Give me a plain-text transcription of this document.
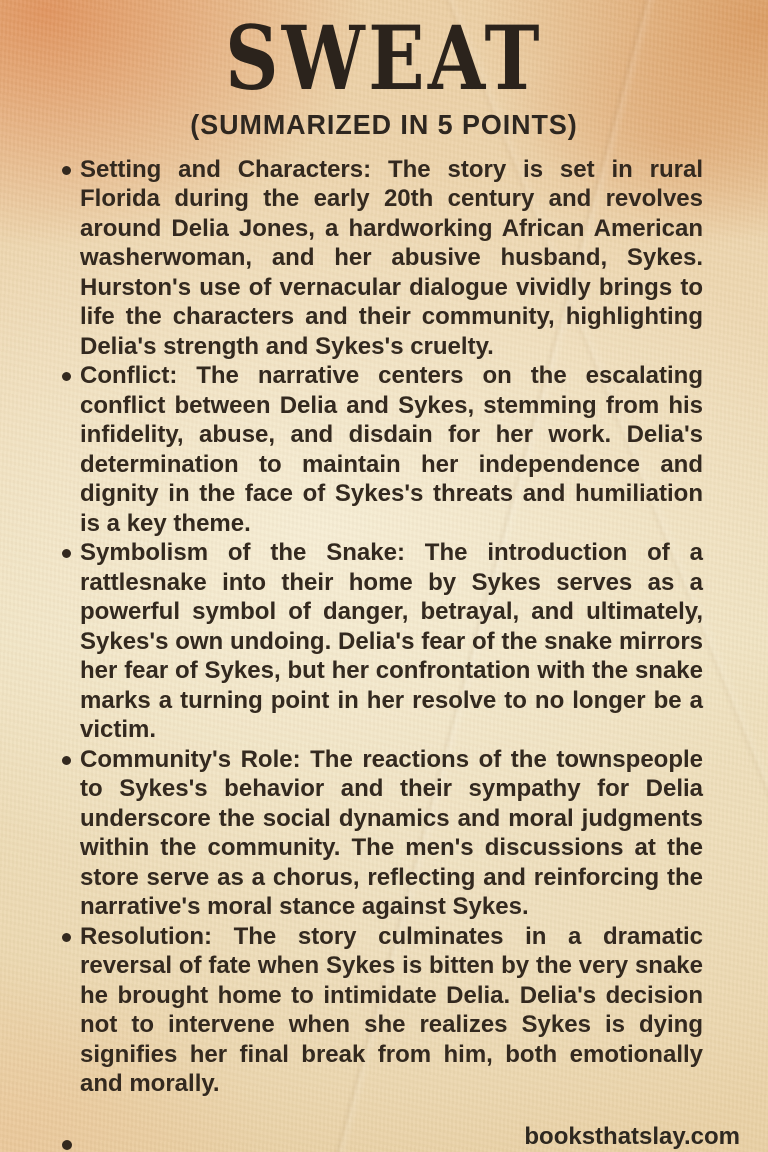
SWEAT
(SUMMARIZED IN 5 POINTS)
Setting and Characters: The story is set in rural Florida during the early 20th century and revolves around Delia Jones, a hardworking African American washerwoman, and her abusive husband, Sykes. Hurston's use of vernacular dialogue vividly brings to life the characters and their community, highlighting Delia's strength and Sykes's cruelty.
Conflict: The narrative centers on the escalating conflict between Delia and Sykes, stemming from his infidelity, abuse, and disdain for her work. Delia's determination to maintain her independence and dignity in the face of Sykes's threats and humiliation is a key theme.
Symbolism of the Snake: The introduction of a rattlesnake into their home by Sykes serves as a powerful symbol of danger, betrayal, and ultimately, Sykes's own undoing. Delia's fear of the snake mirrors her fear of Sykes, but her confrontation with the snake marks a turning point in her resolve to no longer be a victim.
Community's Role: The reactions of the townspeople to Sykes's behavior and their sympathy for Delia underscore the social dynamics and moral judgments within the community. The men's discussions at the store serve as a chorus, reflecting and reinforcing the narrative's moral stance against Sykes.
Resolution: The story culminates in a dramatic reversal of fate when Sykes is bitten by the very snake he brought home to intimidate Delia. Delia's decision not to intervene when she realizes Sykes is dying signifies her final break from him, both emotionally and morally.
booksthatslay.com
